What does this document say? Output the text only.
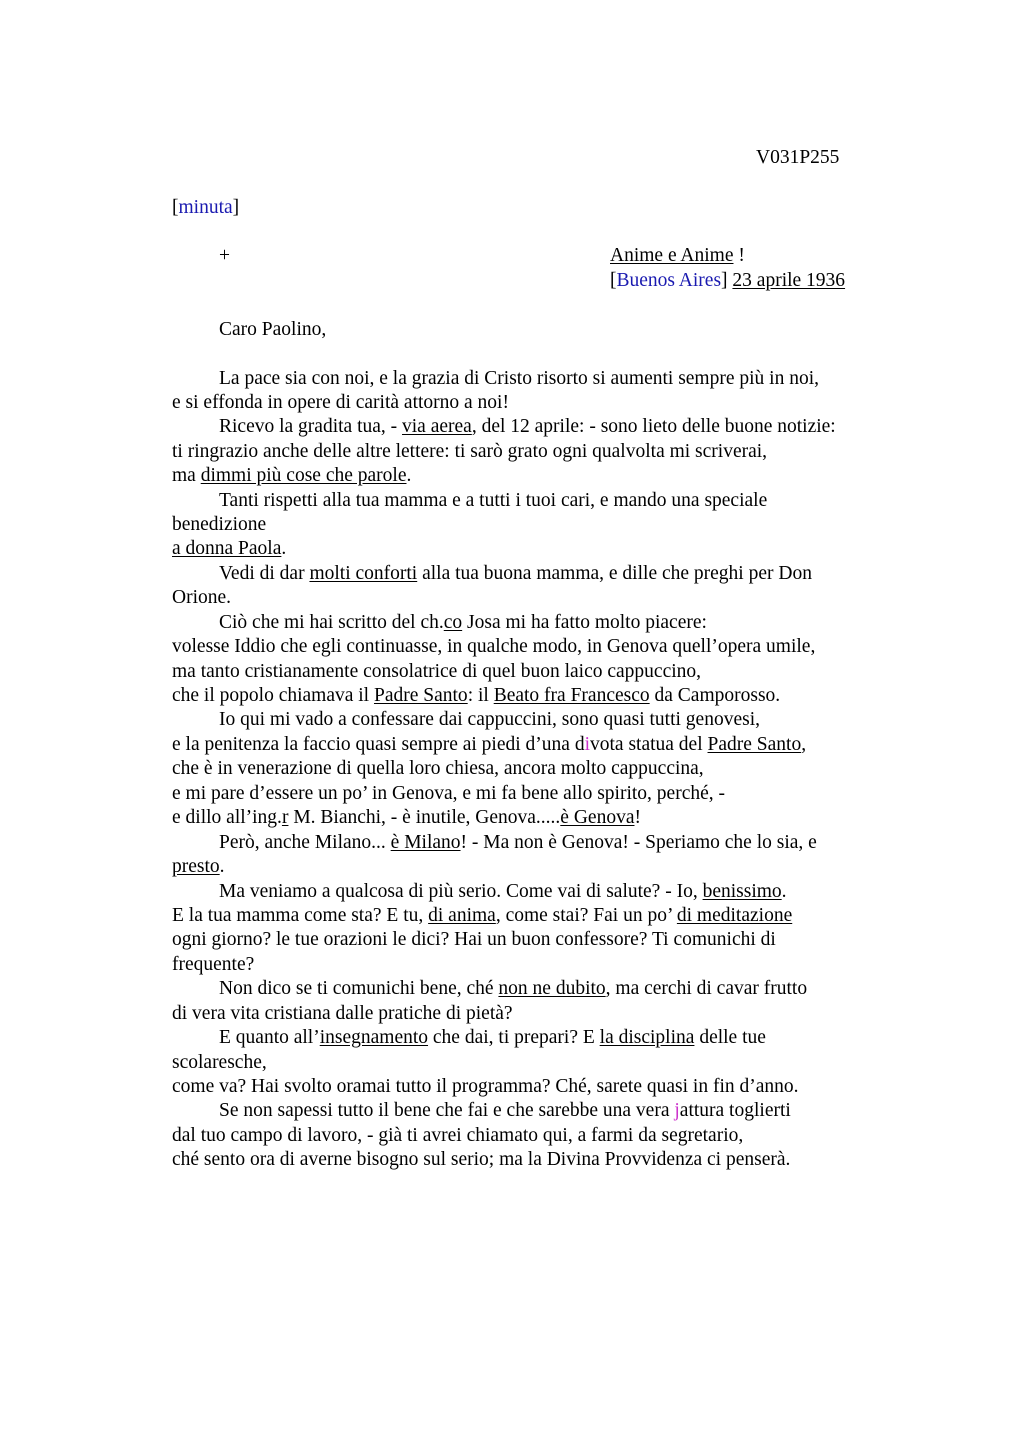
V031P255
[minuta]
+	Anime e Anime !
[Buenos Aires] 23 aprile 1936
Caro Paolino,
La pace sia con noi, e la grazia di Cristo risorto si aumenti sempre più in noi,
e si effonda in opere di carità attorno a noi!
Ricevo la gradita tua, - via aerea, del 12 aprile: - sono lieto delle buone notizie:
ti ringrazio anche delle altre lettere: ti sarò grato ogni qualvolta mi scriverai,
ma dimmi più cose che parole.
Tanti rispetti alla tua mamma e a tutti i tuoi cari, e mando una speciale
benedizione
a donna Paola.
Vedi di dar molti conforti alla tua buona mamma, e dille che preghi per Don
Orione.
Ciò che mi hai scritto del ch.co Josa mi ha fatto molto piacere:
volesse Iddio che egli continuasse, in qualche modo, in Genova quell’opera umile,
ma tanto cristianamente consolatrice di quel buon laico cappuccino,
che il popolo chiamava il Padre Santo: il Beato fra Francesco da Camporosso.
Io qui mi vado a confessare dai cappuccini, sono quasi tutti genovesi,
e la penitenza la faccio quasi sempre ai piedi d’una divota statua del Padre Santo,
che è in venerazione di quella loro chiesa, ancora molto cappuccina,
e mi pare d’essere un po’ in Genova, e mi fa bene allo spirito, perché, -
e dillo all’ing.r M. Bianchi, - è inutile, Genova.....è Genova!
Però, anche Milano... è Milano! - Ma non è Genova! - Speriamo che lo sia, e
presto.
Ma veniamo a qualcosa di più serio. Come vai di salute? - Io, benissimo.
E la tua mamma come sta? E tu, di anima, come stai? Fai un po’ di meditazione
ogni giorno? le tue orazioni le dici? Hai un buon confessore? Ti comunichi di
frequente?
Non dico se ti comunichi bene, ché non ne dubito, ma cerchi di cavar frutto
di vera vita cristiana dalle pratiche di pietà?
E quanto all’insegnamento che dai, ti prepari? E la disciplina delle tue
scolaresche,
come va? Hai svolto oramai tutto il programma? Ché, sarete quasi in fin d’anno.
Se non sapessi tutto il bene che fai e che sarebbe una vera jattura toglierti
dal tuo campo di lavoro, - già ti avrei chiamato qui, a farmi da segretario,
ché sento ora di averne bisogno sul serio; ma la Divina Provvidenza ci penserà.
